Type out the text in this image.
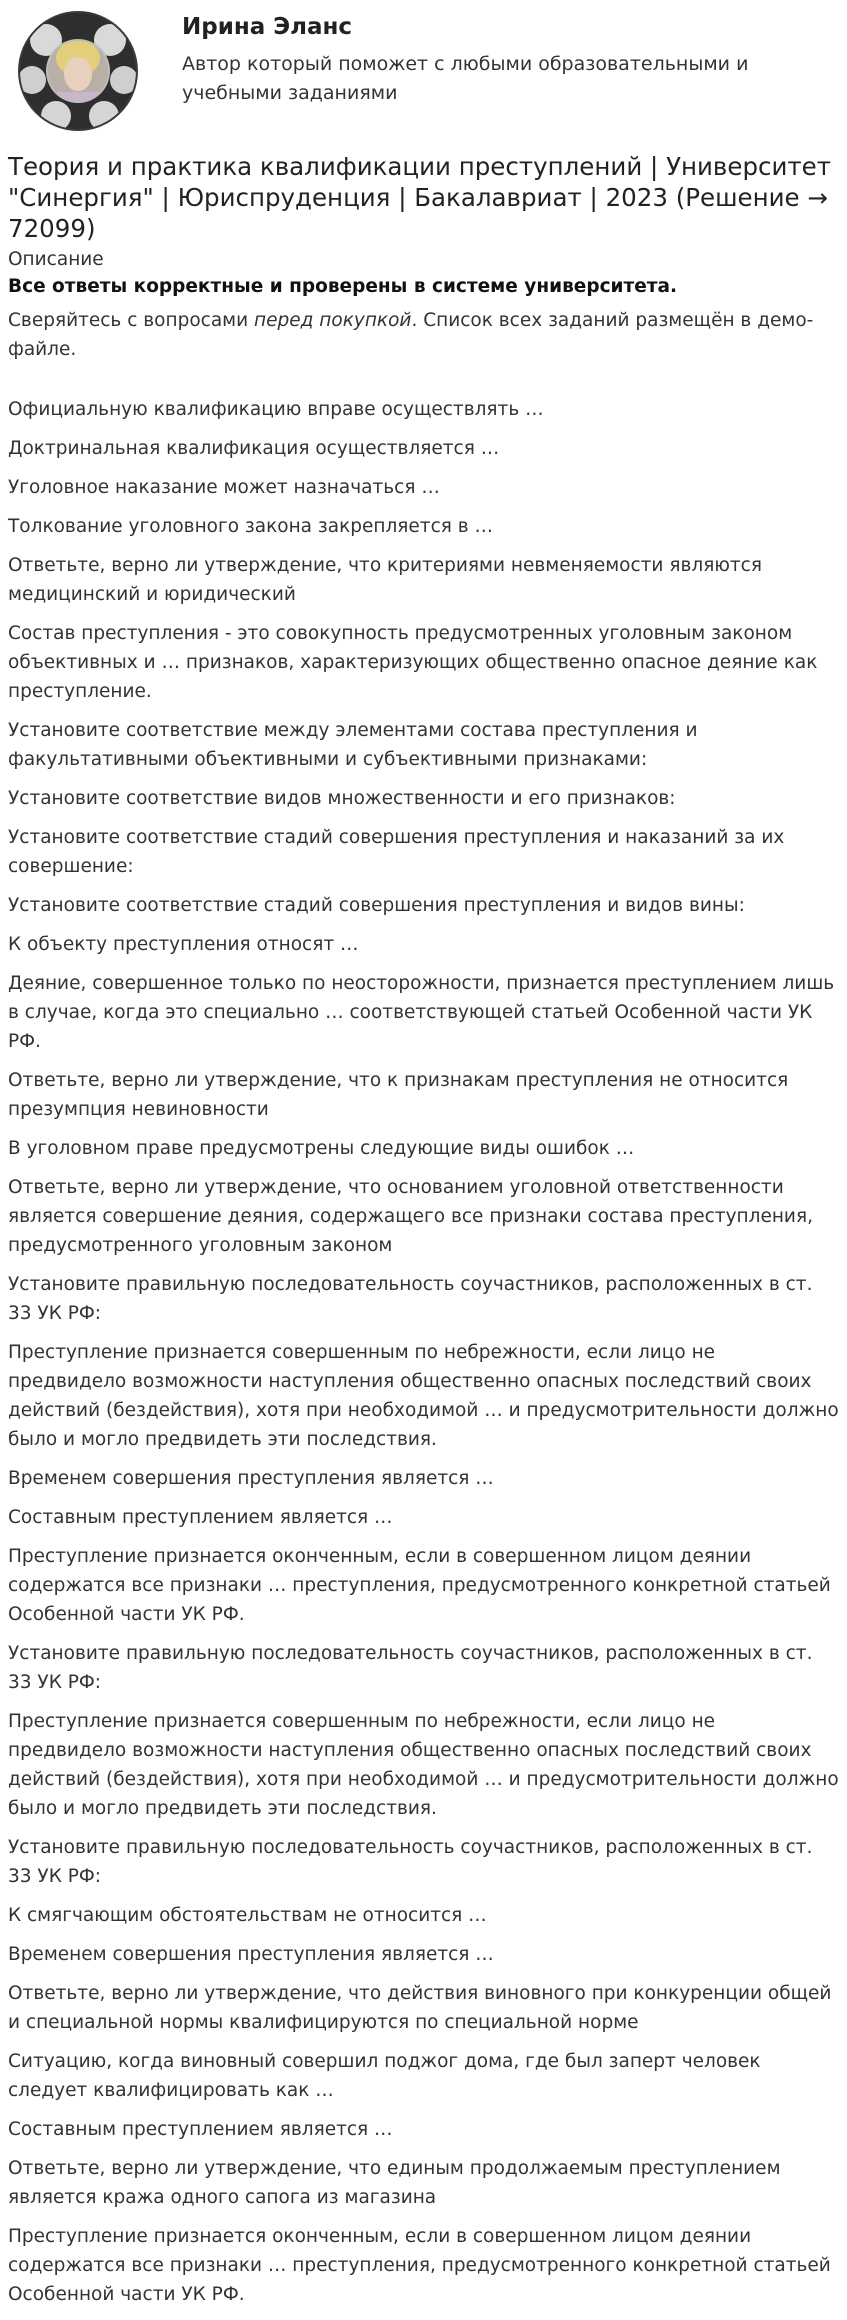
Ирина Эланс
Автор который поможет с любыми образовательными и учебными заданиями
Теория и практика квалификации преступлений | Университет "Синергия" | Юриспруденция | Бакалавриат | 2023 (Решение → 72099)
Описание
Все ответы корректные и проверены в системе университета.
Сверяйтесь с вопросами перед покупкой. Список всех заданий размещён в демо-файле.

Официальную квалификацию вправе осуществлять …

Доктринальная квалификация осуществляется …

Уголовное наказание может назначаться …

Толкование уголовного закона закрепляется в …

Ответьте, верно ли утверждение, что критериями невменяемости являются медицинский и юридический

Состав преступления - это совокупность предусмотренных уголовным законом объективных и … признаков, характеризующих общественно опасное деяние как преступление.

Установите соответствие между элементами состава преступления и факультативными объективными и субъективными признаками:

Установите соответствие видов множественности и его признаков:

Установите соответствие стадий совершения преступления и наказаний за их совершение:

Установите соответствие стадий совершения преступления и видов вины:

К объекту преступления относят …

Деяние, совершенное только по неосторожности, признается преступлением лишь в случае, когда это специально … соответствующей статьей Особенной части УК РФ.

Ответьте, верно ли утверждение, что к признакам преступления не относится презумпция невиновности

В уголовном праве предусмотрены следующие виды ошибок …

Ответьте, верно ли утверждение, что основанием уголовной ответственности является совершение деяния, содержащего все признаки состава преступления, предусмотренного уголовным законом

Установите правильную последовательность соучастников, расположенных в ст. 33 УК РФ:

Преступление признается совершенным по небрежности, если лицо не предвидело возможности наступления общественно опасных последствий своих действий (бездействия), хотя при необходимой … и предусмотрительности должно было и могло предвидеть эти последствия.

Временем совершения преступления является …

Составным преступлением является …

Преступление признается оконченным, если в совершенном лицом деянии содержатся все признаки … преступления, предусмотренного конкретной статьей Особенной части УК РФ.

Установите правильную последовательность соучастников, расположенных в ст. 33 УК РФ:

Преступление признается совершенным по небрежности, если лицо не предвидело возможности наступления общественно опасных последствий своих действий (бездействия), хотя при необходимой … и предусмотрительности должно было и могло предвидеть эти последствия.

Установите правильную последовательность соучастников, расположенных в ст. 33 УК РФ:

К смягчающим обстоятельствам не относится …

Временем совершения преступления является …

Ответьте, верно ли утверждение, что действия виновного при конкуренции общей и специальной нормы квалифицируются по специальной норме

Ситуацию, когда виновный совершил поджог дома, где был заперт человек следует квалифицировать как …

Составным преступлением является …

Ответьте, верно ли утверждение, что единым продолжаемым преступлением является кража одного сапога из магазина

Преступление признается оконченным, если в совершенном лицом деянии содержатся все признаки … преступления, предусмотренного конкретной статьей Особенной части УК РФ.
